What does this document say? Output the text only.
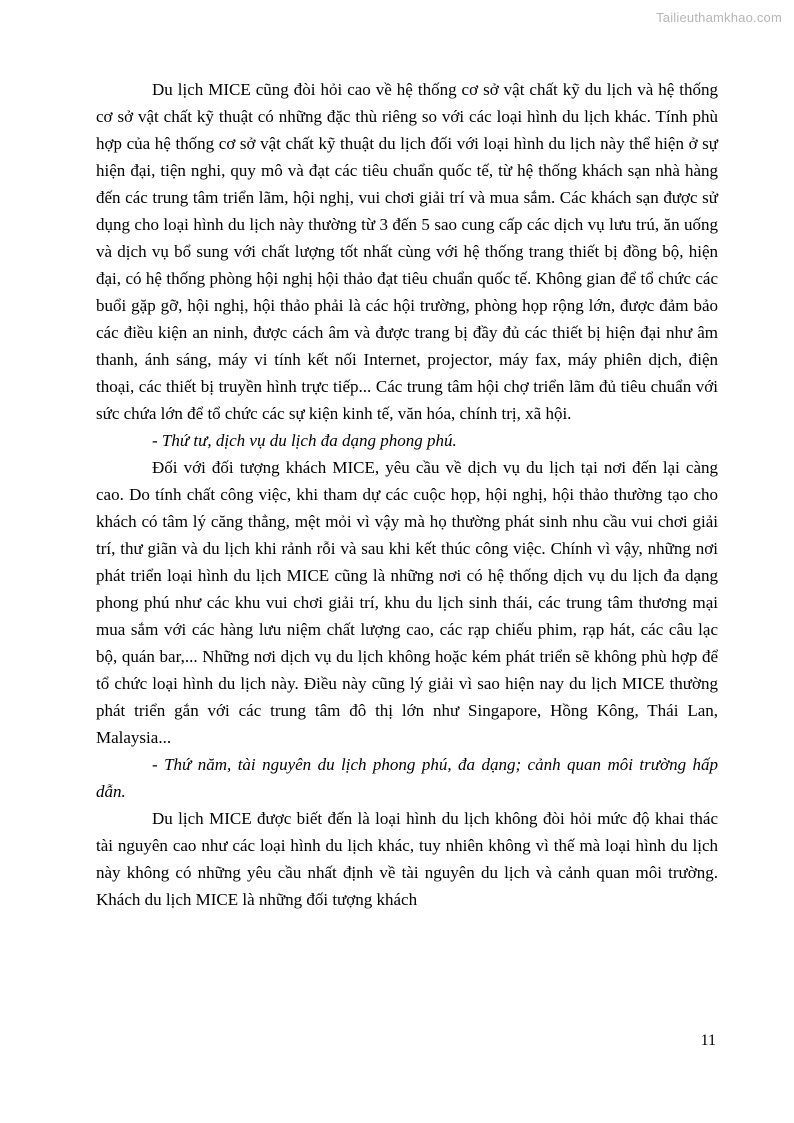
Tailieuthamkhao.com

Du lịch MICE cũng đòi hỏi cao về hệ thống cơ sở vật chất kỹ du lịch và hệ thống cơ sở vật chất kỹ thuật có những đặc thù riêng so với các loại hình du lịch khác. Tính phù hợp của hệ thống cơ sở vật chất kỹ thuật du lịch đối với loại hình du lịch này thể hiện ở sự hiện đại, tiện nghi, quy mô và đạt các tiêu chuẩn quốc tế, từ hệ thống khách sạn nhà hàng đến các trung tâm triển lãm, hội nghị, vui chơi giải trí và mua sắm. Các khách sạn được sử dụng cho loại hình du lịch này thường từ 3 đến 5 sao cung cấp các dịch vụ lưu trú, ăn uống và dịch vụ bổ sung với chất lượng tốt nhất cùng với hệ thống trang thiết bị đồng bộ, hiện đại, có hệ thống phòng hội nghị hội thảo đạt tiêu chuẩn quốc tế. Không gian để tổ chức các buổi gặp gỡ, hội nghị, hội thảo phải là các hội trường, phòng họp rộng lớn, được đảm bảo các điều kiện an ninh, được cách âm và được trang bị đầy đủ các thiết bị hiện đại như âm thanh, ánh sáng, máy vi tính kết nối Internet, projector, máy fax, máy phiên dịch, điện thoại, các thiết bị truyền hình trực tiếp... Các trung tâm hội chợ triển lãm đủ tiêu chuẩn với sức chứa lớn để tổ chức các sự kiện kinh tế, văn hóa, chính trị, xã hội.

- Thứ tư, dịch vụ du lịch đa dạng phong phú.

Đối với đối tượng khách MICE, yêu cầu về dịch vụ du lịch tại nơi đến lại càng cao. Do tính chất công việc, khi tham dự các cuộc họp, hội nghị, hội thảo thường tạo cho khách có tâm lý căng thẳng, mệt mỏi vì vậy mà họ thường phát sinh nhu cầu vui chơi giải trí, thư giãn và du lịch khi rảnh rỗi và sau khi kết thúc công việc. Chính vì vậy, những nơi phát triển loại hình du lịch MICE cũng là những nơi có hệ thống dịch vụ du lịch đa dạng phong phú như các khu vui chơi giải trí, khu du lịch sinh thái, các trung tâm thương mại mua sắm với các hàng lưu niệm chất lượng cao, các rạp chiếu phim, rạp hát, các câu lạc bộ, quán bar,... Những nơi dịch vụ du lịch không hoặc kém phát triển sẽ không phù hợp để tổ chức loại hình du lịch này. Điều này cũng lý giải vì sao hiện nay du lịch MICE thường phát triển gắn với các trung tâm đô thị lớn như Singapore, Hồng Kông, Thái Lan, Malaysia...

- Thứ năm, tài nguyên du lịch phong phú, đa dạng; cảnh quan môi trường hấp dẫn.

Du lịch MICE được biết đến là loại hình du lịch không đòi hỏi mức độ khai thác tài nguyên cao như các loại hình du lịch khác, tuy nhiên không vì thế mà loại hình du lịch này không có những yêu cầu nhất định về tài nguyên du lịch và cảnh quan môi trường. Khách du lịch MICE là những đối tượng khách

11
